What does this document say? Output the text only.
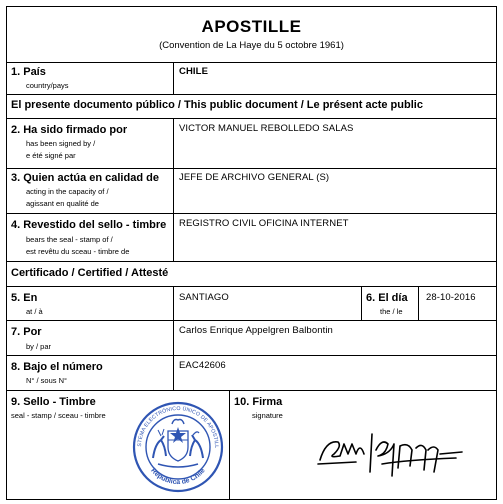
APOSTILLE
(Convention de La Haye du 5 octobre 1961)
1. País
country/pays
CHILE
El presente documento público / This public document / Le présent acte public
2. Ha sido firmado por
has been signed by /
e été signé par
VICTOR MANUEL REBOLLEDO SALAS
3. Quien actúa en calidad de
acting in the capacity of /
agissant en qualité de
JEFE DE ARCHIVO GENERAL (S)
4. Revestido del sello - timbre
bears the seal - stamp of /
est revêtu du sceau - timbre de
REGISTRO CIVIL OFICINA INTERNET
Certificado / Certified / Attesté
5. En
at / à
SANTIAGO	6. El día
the / le
28-10-2016
7. Por
by / par
Carlos Enrique Appelgren Balbontin
8. Bajo el número
N° / sous N°
EAC42606
9. Sello - Timbre
seal - stamp / sceau - timbre
STEMA ELECTRÓNICO ÚNICO DE APOSTILL
República de Chile
10. Firma
signature
